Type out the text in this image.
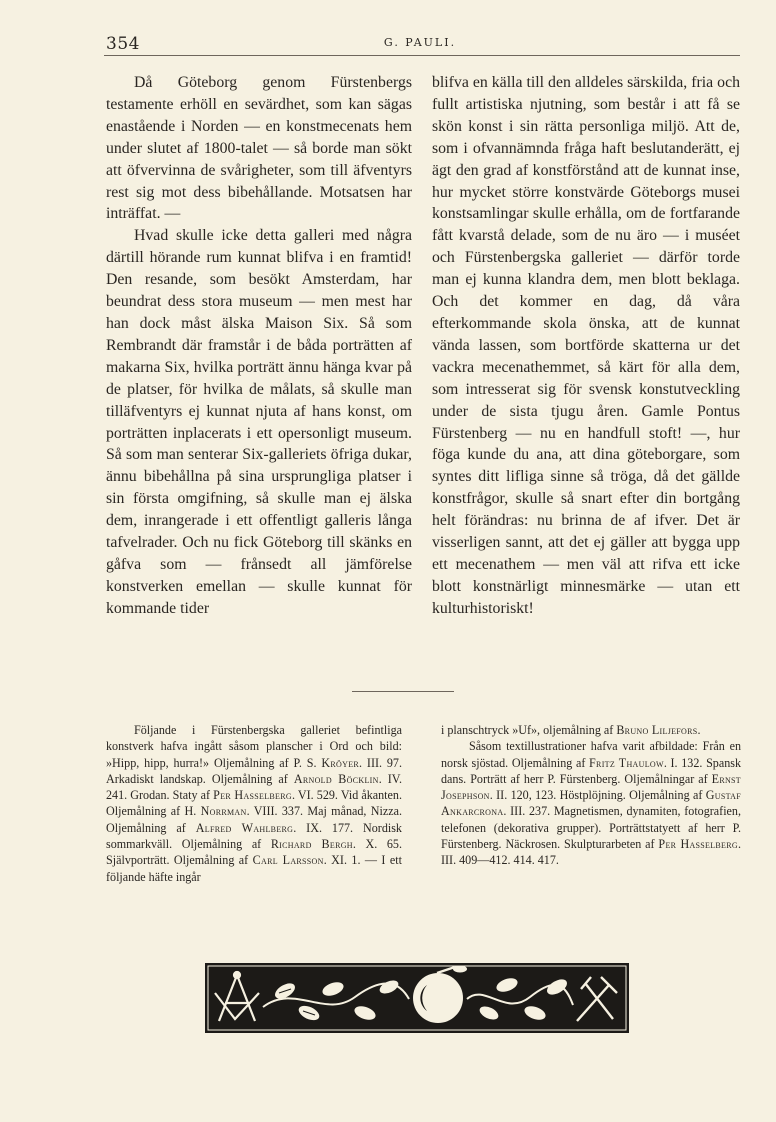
354	G. PAULI.

Då Göteborg genom Fürstenbergs testamente erhöll en sevärdhet, som kan sägas enastående i Norden — en konstmecenats hem under slutet af 1800-talet — så borde man sökt att öfvervinna de svårigheter, som till äfventyrs rest sig mot dess bibehållande. Motsatsen har inträffat. —

Hvad skulle icke detta galleri med några därtill hörande rum kunnat blifva i en framtid! Den resande, som besökt Amsterdam, har beundrat dess stora museum — men mest har han dock måst älska Maison Six. Så som Rembrandt där framstår i de båda porträtten af makarna Six, hvilka porträtt ännu hänga kvar på de platser, för hvilka de målats, så skulle man tilläfventyrs ej kunnat njuta af hans konst, om porträtten inplacerats i ett opersonligt museum. Så som man senterar Six-galleriets öfriga dukar, ännu bibehållna på sina ursprungliga platser i sin första omgifning, så skulle man ej älska dem, inrangerade i ett offentligt galleris långa tafvelrader. Och nu fick Göteborg till skänks en gåfva som — frånsedt all jämförelse konstverken emellan — skulle kunnat för kommande tider

blifva en källa till den alldeles särskilda, fria och fullt artistiska njutning, som består i att få se skön konst i sin rätta personliga miljö. Att de, som i ofvannämnda fråga haft beslutanderätt, ej ägt den grad af konstförstånd att de kunnat inse, hur mycket större konstvärde Göteborgs musei konstsamlingar skulle erhålla, om de fortfarande fått kvarstå delade, som de nu äro — i muséet och Fürstenbergska galleriet — därför torde man ej kunna klandra dem, men blott beklaga. Och det kommer en dag, då våra efterkommande skola önska, att de kunnat vända lassen, som bortförde skatterna ur det vackra mecenathemmet, så kärt för alla dem, som intresserat sig för svensk konstutveckling under de sista tjugu åren. Gamle Pontus Fürstenberg — nu en handfull stoft! —, hur föga kunde du ana, att dina göteborgare, som syntes ditt lifliga sinne så tröga, då det gällde konstfrågor, skulle så snart efter din bortgång helt förändras: nu brinna de af ifver. Det är visserligen sannt, att det ej gäller att bygga upp ett mecenathem — men väl att rifva ett icke blott konstnärligt minnesmärke — utan ett kulturhistoriskt!

Följande i Fürstenbergska galleriet befintliga konstverk hafva ingått såsom planscher i Ord och bild: »Hipp, hipp, hurra!» Oljemålning af P. S. Kröyer. III. 97. Arkadiskt landskap. Oljemålning af Arnold Böcklin. IV. 241. Grodan. Staty af Per Hasselberg. VI. 529. Vid åkanten. Oljemålning af H. Norrman. VIII. 337. Maj månad, Nizza. Oljemålning af Alfred Wahlberg. IX. 177. Nordisk sommarkväll. Oljemålning af Richard Bergh. X. 65. Självporträtt. Oljemålning af Carl Larsson. XI. 1. — I ett följande häfte ingår

i planschtryck »Uf», oljemålning af Bruno Liljefors.

Såsom textillustrationer hafva varit afbildade: Från en norsk sjöstad. Oljemålning af Fritz Thaulow. I. 132. Spansk dans. Porträtt af herr P. Fürstenberg. Oljemålningar af Ernst Josephson. II. 120, 123. Höstplöjning. Oljemålning af Gustaf Ankarcrona. III. 237. Magnetismen, dynamiten, fotografien, telefonen (dekorativa grupper). Porträttstatyett af herr P. Fürstenberg. Näckrosen. Skulpturarbeten af Per Hasselberg. III. 409—412. 414. 417.
